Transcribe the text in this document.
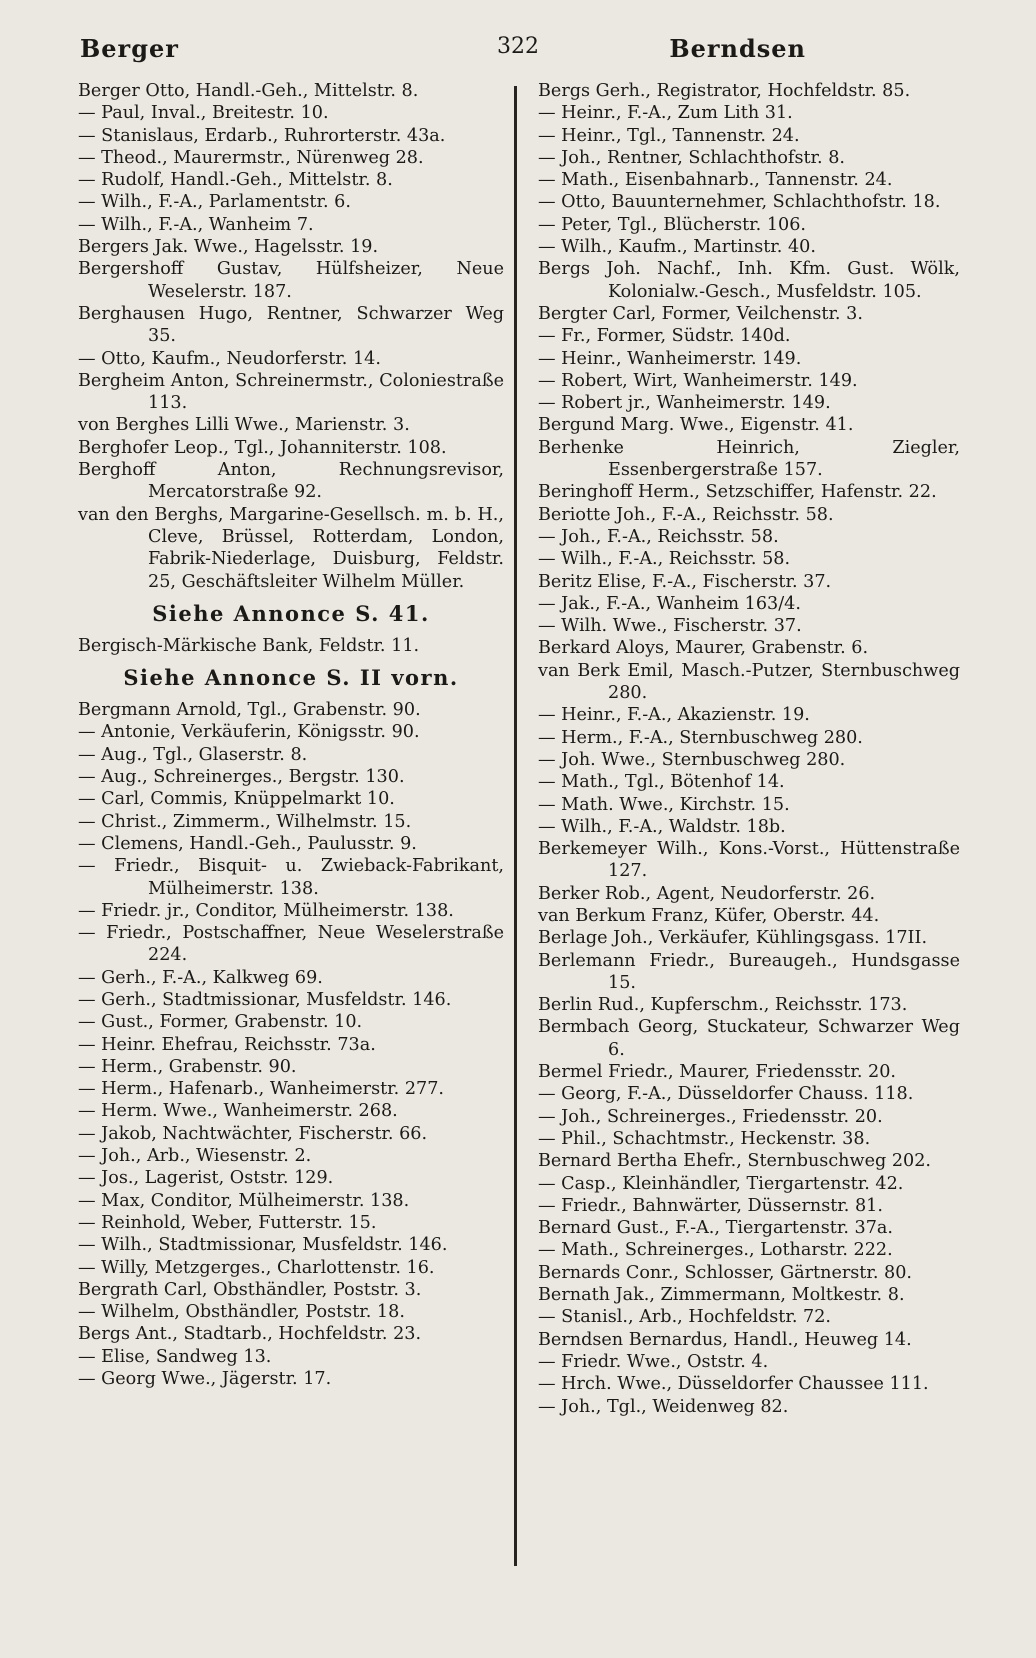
Berger	322	Berndsen
Berger Otto, Handl.-Geh., Mittelstr. 8.
— Paul, Inval., Breitestr. 10.
— Stanislaus, Erdarb., Ruhrorterstr. 43a.
— Theod., Maurermstr., Nürenweg 28.
— Rudolf, Handl.-Geh., Mittelstr. 8.
— Wilh., F.-A., Parlamentstr. 6.
— Wilh., F.-A., Wanheim 7.
Bergers Jak. Wwe., Hagelsstr. 19.
Bergershoff Gustav, Hülfsheizer, Neue Weselerstr. 187.
Berghausen Hugo, Rentner, Schwarzer Weg 35.
— Otto, Kaufm., Neudorferstr. 14.
Bergheim Anton, Schreinermstr., Coloniestraße 113.
von Berghes Lilli Wwe., Marienstr. 3.
Berghofer Leop., Tgl., Johanniterstr. 108.
Berghoff Anton, Rechnungsrevisor, Mercatorstraße 92.
van den Berghs, Margarine-Gesellsch. m. b. H., Cleve, Brüssel, Rotterdam, London, Fabrik-Niederlage, Duisburg, Feldstr. 25, Geschäftsleiter Wilhelm Müller.
Siehe Annonce S. 41.
Bergisch-Märkische Bank, Feldstr. 11.
Siehe Annonce S. II vorn.
Bergmann Arnold, Tgl., Grabenstr. 90.
— Antonie, Verkäuferin, Königsstr. 90.
— Aug., Tgl., Glaserstr. 8.
— Aug., Schreinerges., Bergstr. 130.
— Carl, Commis, Knüppelmarkt 10.
— Christ., Zimmerm., Wilhelmstr. 15.
— Clemens, Handl.-Geh., Paulusstr. 9.
— Friedr., Bisquit- u. Zwieback-Fabrikant, Mülheimerstr. 138.
— Friedr. jr., Conditor, Mülheimerstr. 138.
— Friedr., Postschaffner, Neue Weselerstraße 224.
— Gerh., F.-A., Kalkweg 69.
— Gerh., Stadtmissionar, Musfeldstr. 146.
— Gust., Former, Grabenstr. 10.
— Heinr. Ehefrau, Reichsstr. 73a.
— Herm., Grabenstr. 90.
— Herm., Hafenarb., Wanheimerstr. 277.
— Herm. Wwe., Wanheimerstr. 268.
— Jakob, Nachtwächter, Fischerstr. 66.
— Joh., Arb., Wiesenstr. 2.
— Jos., Lagerist, Oststr. 129.
— Max, Conditor, Mülheimerstr. 138.
— Reinhold, Weber, Futterstr. 15.
— Wilh., Stadtmissionar, Musfeldstr. 146.
— Willy, Metzgerges., Charlottenstr. 16.
Bergrath Carl, Obsthändler, Poststr. 3.
— Wilhelm, Obsthändler, Poststr. 18.
Bergs Ant., Stadtarb., Hochfeldstr. 23.
— Elise, Sandweg 13.
— Georg Wwe., Jägerstr. 17.
Bergs Gerh., Registrator, Hochfeldstr. 85.
— Heinr., F.-A., Zum Lith 31.
— Heinr., Tgl., Tannenstr. 24.
— Joh., Rentner, Schlachthofstr. 8.
— Math., Eisenbahnarb., Tannenstr. 24.
— Otto, Bauunternehmer, Schlachthofstr. 18.
— Peter, Tgl., Blücherstr. 106.
— Wilh., Kaufm., Martinstr. 40.
Bergs Joh. Nachf., Inh. Kfm. Gust. Wölk, Kolonialw.-Gesch., Musfeldstr. 105.
Bergter Carl, Former, Veilchenstr. 3.
— Fr., Former, Südstr. 140d.
— Heinr., Wanheimerstr. 149.
— Robert, Wirt, Wanheimerstr. 149.
— Robert jr., Wanheimerstr. 149.
Bergund Marg. Wwe., Eigenstr. 41.
Berhenke Heinrich, Ziegler, Essenbergerstraße 157.
Beringhoff Herm., Setzschiffer, Hafenstr. 22.
Beriotte Joh., F.-A., Reichsstr. 58.
— Joh., F.-A., Reichsstr. 58.
— Wilh., F.-A., Reichsstr. 58.
Beritz Elise, F.-A., Fischerstr. 37.
— Jak., F.-A., Wanheim 163/4.
— Wilh. Wwe., Fischerstr. 37.
Berkard Aloys, Maurer, Grabenstr. 6.
van Berk Emil, Masch.-Putzer, Sternbuschweg 280.
— Heinr., F.-A., Akazienstr. 19.
— Herm., F.-A., Sternbuschweg 280.
— Joh. Wwe., Sternbuschweg 280.
— Math., Tgl., Bötenhof 14.
— Math. Wwe., Kirchstr. 15.
— Wilh., F.-A., Waldstr. 18b.
Berkemeyer Wilh., Kons.-Vorst., Hüttenstraße 127.
Berker Rob., Agent, Neudorferstr. 26.
van Berkum Franz, Küfer, Oberstr. 44.
Berlage Joh., Verkäufer, Kühlingsgass. 17II.
Berlemann Friedr., Bureaugeh., Hundsgasse 15.
Berlin Rud., Kupferschm., Reichsstr. 173.
Bermbach Georg, Stuckateur, Schwarzer Weg 6.
Bermel Friedr., Maurer, Friedensstr. 20.
— Georg, F.-A., Düsseldorfer Chauss. 118.
— Joh., Schreinerges., Friedensstr. 20.
— Phil., Schachtmstr., Heckenstr. 38.
Bernard Bertha Ehefr., Sternbuschweg 202.
— Casp., Kleinhändler, Tiergartenstr. 42.
— Friedr., Bahnwärter, Düssernstr. 81.
Bernard Gust., F.-A., Tiergartenstr. 37a.
— Math., Schreinerges., Lotharstr. 222.
Bernards Conr., Schlosser, Gärtnerstr. 80.
Bernath Jak., Zimmermann, Moltkestr. 8.
— Stanisl., Arb., Hochfeldstr. 72.
Berndsen Bernardus, Handl., Heuweg 14.
— Friedr. Wwe., Oststr. 4.
— Hrch. Wwe., Düsseldorfer Chaussee 111.
— Joh., Tgl., Weidenweg 82.
